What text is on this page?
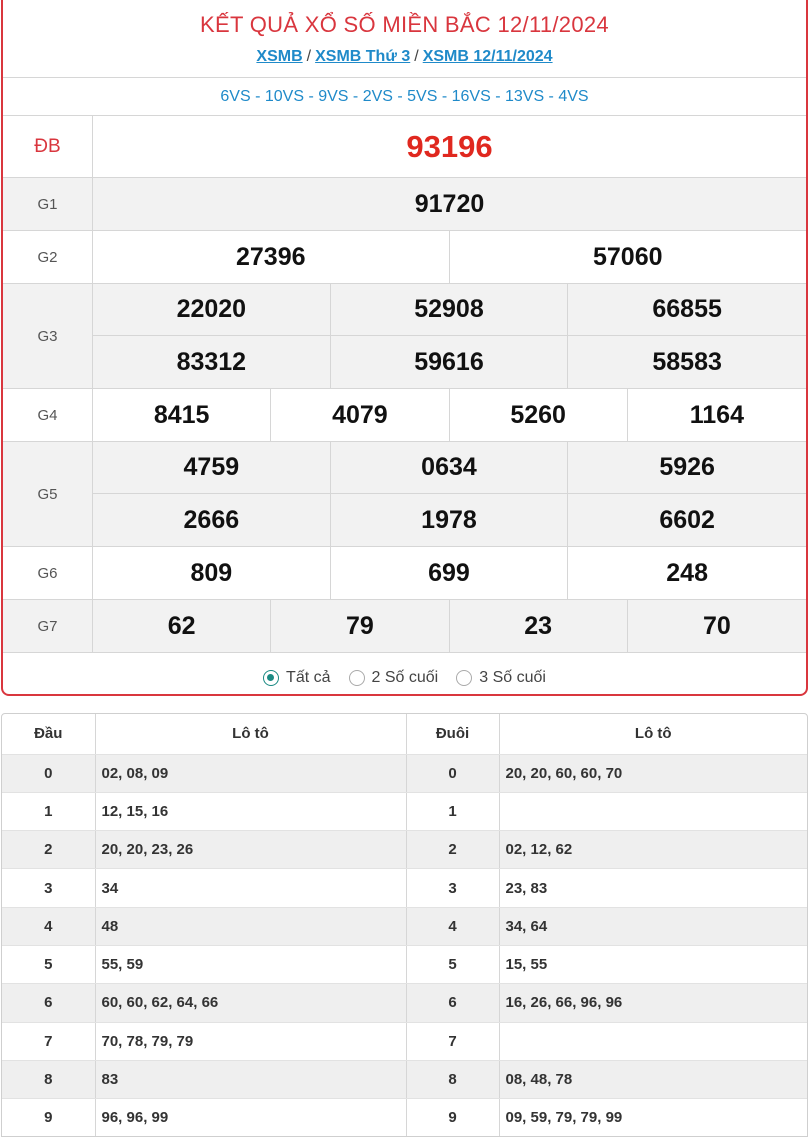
KẾT QUẢ XỔ SỐ MIỀN BẮC 12/11/2024
XSMB / XSMB Thứ 3 / XSMB 12/11/2024
6VS - 10VS - 9VS - 2VS - 5VS - 16VS - 13VS - 4VS
ĐB	93196
G1	91720
G2	27396	57060
G3
22020	52908	66855
83312	59616	58583
G4	8415	4079	5260	1164
G5
4759	0634	5926
2666	1978	6602
G6	809	699	248
G7	62	79	23	70
Tất cả	2 Số cuối	3 Số cuối
Đầu	Lô tô	Đuôi	Lô tô
0	02, 08, 09	0	20, 20, 60, 60, 70
1	12, 15, 16	1	
2	20, 20, 23, 26	2	02, 12, 62
3	34	3	23, 83
4	48	4	34, 64
5	55, 59	5	15, 55
6	60, 60, 62, 64, 66	6	16, 26, 66, 96, 96
7	70, 78, 79, 79	7	
8	83	8	08, 48, 78
9	96, 96, 99	9	09, 59, 79, 79, 99
